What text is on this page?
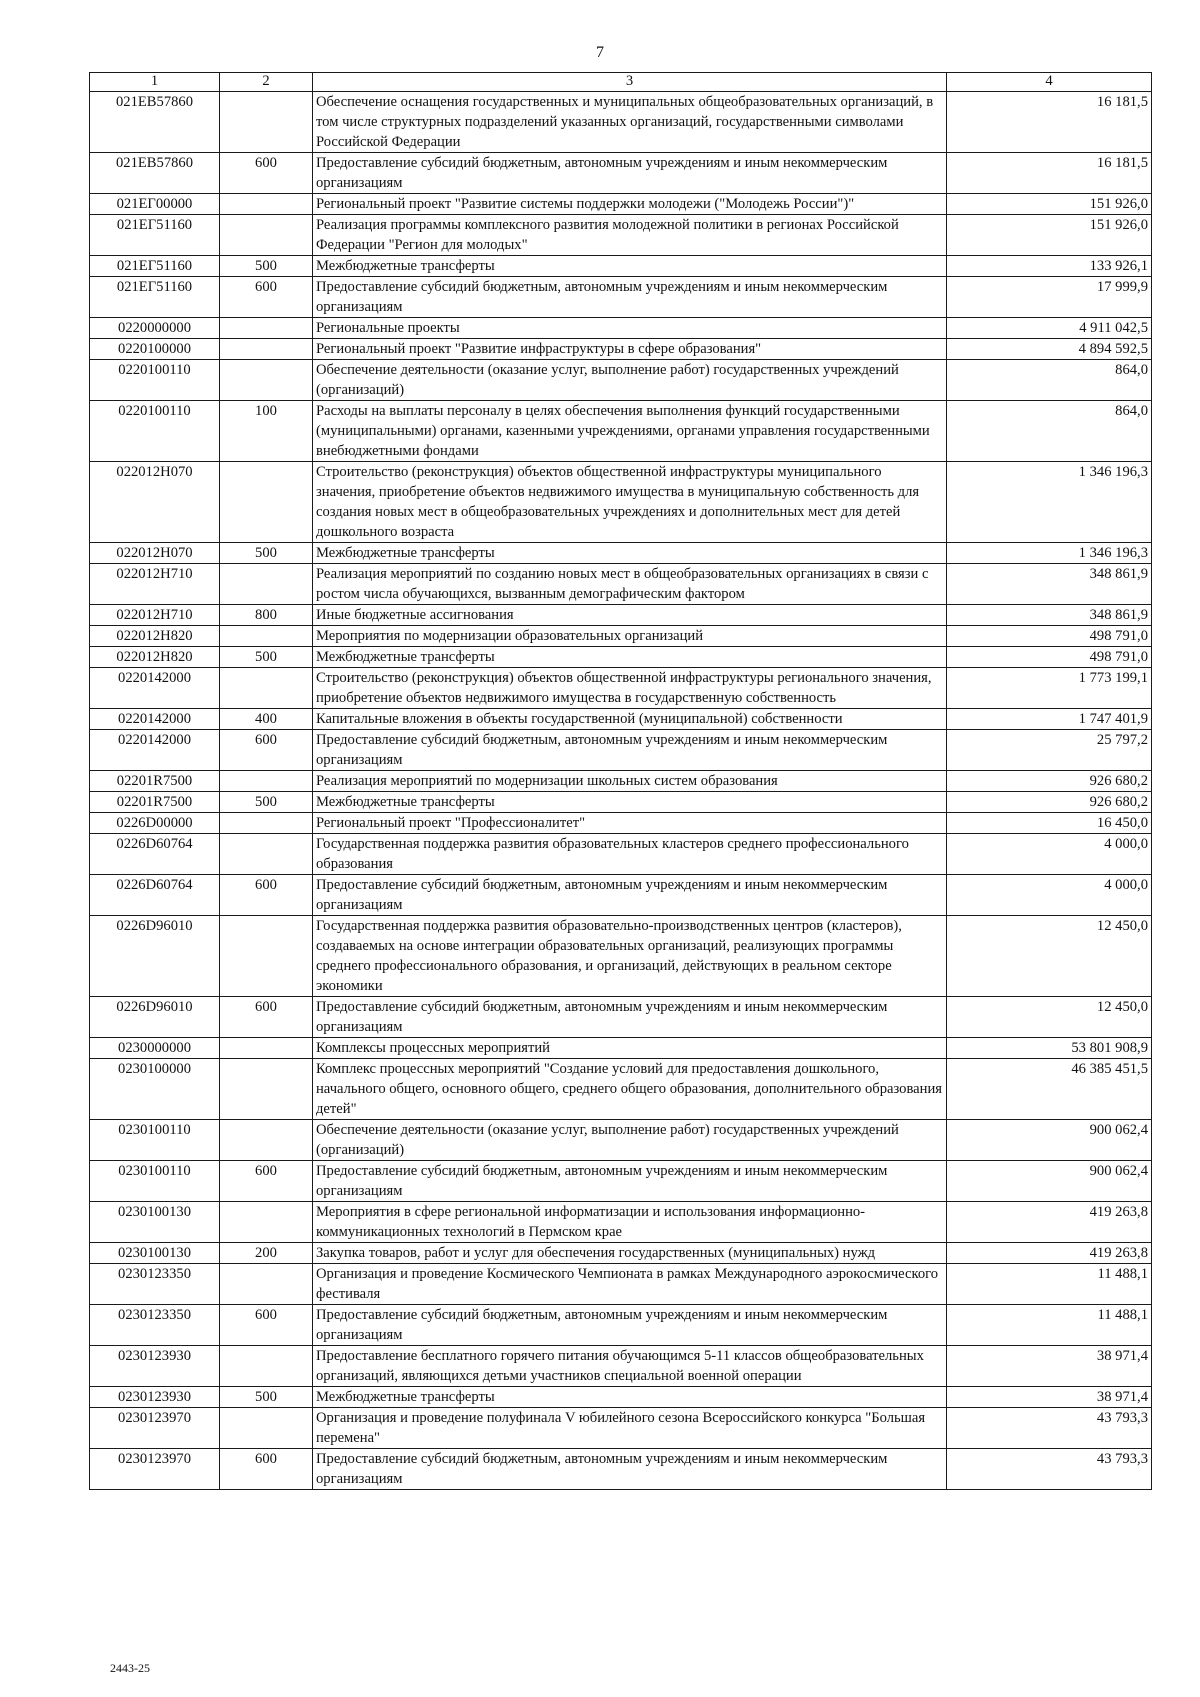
7
1	2	3	4
021ЕВ57860		Обеспечение оснащения государственных и муниципальных общеобразовательных организаций, в том числе структурных подразделений указанных организаций, государственными символами Российской Федерации	16 181,5
021ЕВ57860	600	Предоставление субсидий бюджетным, автономным учреждениям и иным некоммерческим организациям	16 181,5
021ЕГ00000		Региональный проект "Развитие системы поддержки молодежи ("Молодежь России")"	151 926,0
021ЕГ51160		Реализация программы комплексного развития молодежной политики в регионах Российской Федерации "Регион для молодых"	151 926,0
021ЕГ51160	500	Межбюджетные трансферты	133 926,1
021ЕГ51160	600	Предоставление субсидий бюджетным, автономным учреждениям и иным некоммерческим организациям	17 999,9
0220000000		Региональные проекты	4 911 042,5
0220100000		Региональный проект "Развитие инфраструктуры в сфере образования"	4 894 592,5
0220100110		Обеспечение деятельности (оказание услуг, выполнение работ) государственных учреждений (организаций)	864,0
0220100110	100	Расходы на выплаты персоналу в целях обеспечения выполнения функций государственными (муниципальными) органами, казенными учреждениями, органами управления государственными внебюджетными фондами	864,0
022012Н070		Строительство (реконструкция) объектов общественной инфраструктуры муниципального значения, приобретение объектов недвижимого имущества в муниципальную собственность для создания новых мест в общеобразовательных учреждениях и дополнительных мест для детей дошкольного возраста	1 346 196,3
022012Н070	500	Межбюджетные трансферты	1 346 196,3
022012Н710		Реализация мероприятий по созданию новых мест в общеобразовательных организациях в связи с ростом числа обучающихся, вызванным демографическим фактором	348 861,9
022012Н710	800	Иные бюджетные ассигнования	348 861,9
022012Н820		Мероприятия по модернизации образовательных организаций	498 791,0
022012Н820	500	Межбюджетные трансферты	498 791,0
0220142000		Строительство (реконструкция) объектов общественной инфраструктуры регионального значения, приобретение объектов недвижимого имущества в государственную собственность	1 773 199,1
0220142000	400	Капитальные вложения в объекты государственной (муниципальной) собственности	1 747 401,9
0220142000	600	Предоставление субсидий бюджетным, автономным учреждениям и иным некоммерческим организациям	25 797,2
02201R7500		Реализация мероприятий по модернизации школьных систем образования	926 680,2
02201R7500	500	Межбюджетные трансферты	926 680,2
0226D00000		Региональный проект "Профессионалитет"	16 450,0
0226D60764		Государственная поддержка развития образовательных кластеров среднего профессионального образования	4 000,0
0226D60764	600	Предоставление субсидий бюджетным, автономным учреждениям и иным некоммерческим организациям	4 000,0
0226D96010		Государственная поддержка развития образовательно-производственных центров (кластеров), создаваемых на основе интеграции образовательных организаций, реализующих программы среднего профессионального образования, и организаций, действующих в реальном секторе экономики	12 450,0
0226D96010	600	Предоставление субсидий бюджетным, автономным учреждениям и иным некоммерческим организациям	12 450,0
0230000000		Комплексы процессных мероприятий	53 801 908,9
0230100000		Комплекс процессных мероприятий "Создание условий для предоставления дошкольного, начального общего, основного общего, среднего общего образования, дополнительного образования детей"	46 385 451,5
0230100110		Обеспечение деятельности (оказание услуг, выполнение работ) государственных учреждений (организаций)	900 062,4
0230100110	600	Предоставление субсидий бюджетным, автономным учреждениям и иным некоммерческим организациям	900 062,4
0230100130		Мероприятия в сфере региональной информатизации и использования информационно-коммуникационных технологий в Пермском крае	419 263,8
0230100130	200	Закупка товаров, работ и услуг для обеспечения государственных (муниципальных) нужд	419 263,8
0230123350		Организация и проведение Космического Чемпионата в рамках Международного аэрокосмического фестиваля	11 488,1
0230123350	600	Предоставление субсидий бюджетным, автономным учреждениям и иным некоммерческим организациям	11 488,1
0230123930		Предоставление бесплатного горячего питания обучающимся 5-11 классов общеобразовательных организаций, являющихся детьми участников специальной военной операции	38 971,4
0230123930	500	Межбюджетные трансферты	38 971,4
0230123970		Организация и проведение полуфинала V юбилейного сезона Всероссийского конкурса "Большая перемена"	43 793,3
0230123970	600	Предоставление субсидий бюджетным, автономным учреждениям и иным некоммерческим организациям	43 793,3
2443-25
